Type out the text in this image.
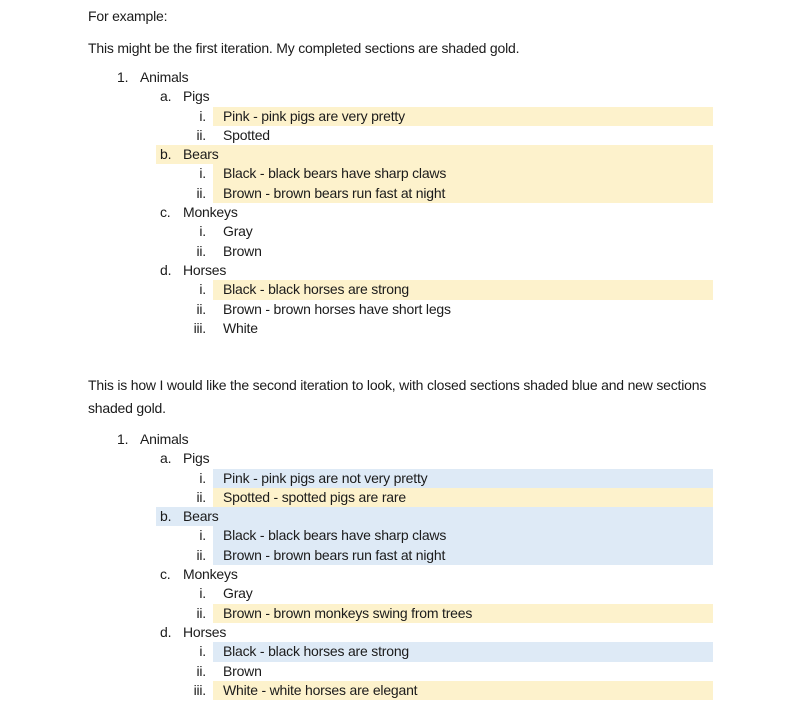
For example:

This might be the first iteration. My completed sections are shaded gold.

1. Animals
a. Pigs
i. Pink - pink pigs are very pretty
ii. Spotted
b. Bears
i. Black - black bears have sharp claws
ii. Brown - brown bears run fast at night
c. Monkeys
i. Gray
ii. Brown
d. Horses
i. Black - black horses are strong
ii. Brown - brown horses have short legs
iii. White

This is how I would like the second iteration to look, with closed sections shaded blue and new sections

shaded gold.

1. Animals
a. Pigs
i. Pink - pink pigs are not very pretty
ii. Spotted - spotted pigs are rare
b. Bears
i. Black - black bears have sharp claws
ii. Brown - brown bears run fast at night
c. Monkeys
i. Gray
ii. Brown - brown monkeys swing from trees
d. Horses
i. Black - black horses are strong
ii. Brown
iii. White - white horses are elegant
